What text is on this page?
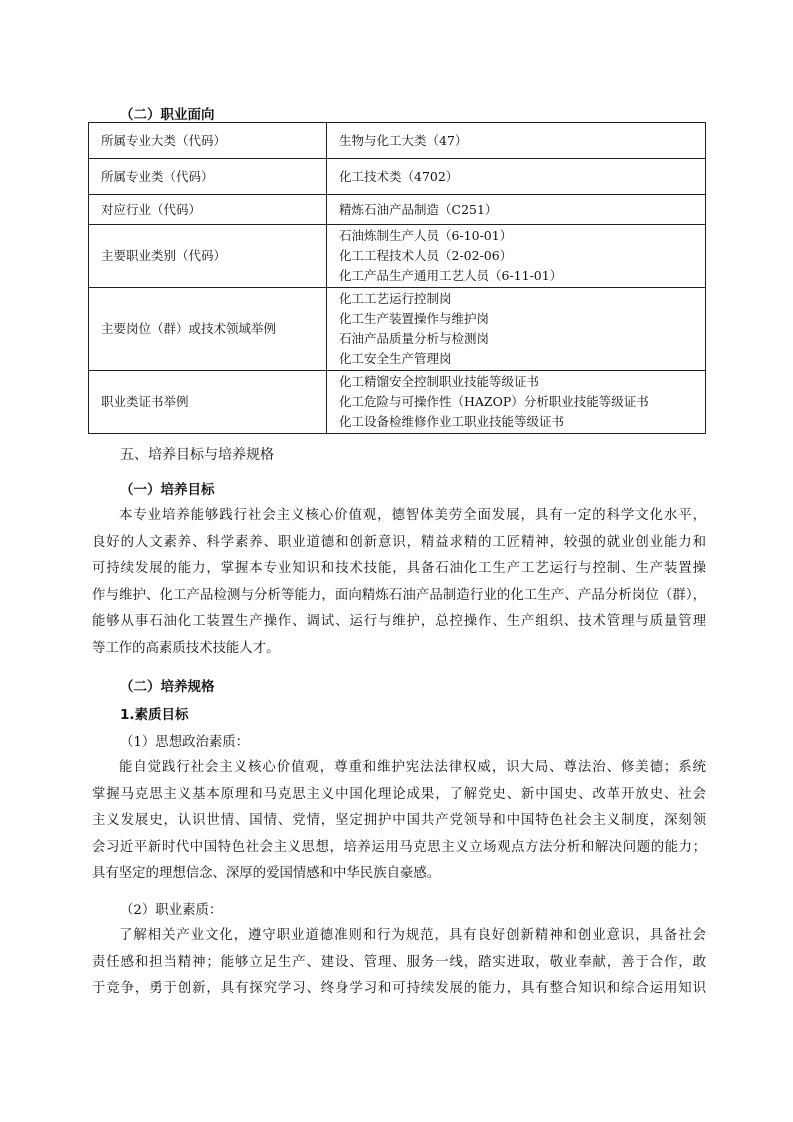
（二）职业面向
所属专业大类（代码）	生物与化工大类（47）
所属专业类（代码）	化工技术类（4702）
对应行业（代码）	精炼石油产品制造（C251）
主要职业类别（代码）	石油炼制生产人员（6-10-01）
化工工程技术人员（2-02-06）
化工产品生产通用工艺人员（6-11-01）

主要岗位（群）或技术领域举例	化工工艺运行控制岗
化工生产装置操作与维护岗
石油产品质量分析与检测岗
化工安全生产管理岗

职业类证书举例	化工精馏安全控制职业技能等级证书
化工危险与可操作性（HAZOP）分析职业技能等级证书
化工设备检维修作业工职业技能等级证书
五、培养目标与培养规格
（一）培养目标
本专业培养能够践行社会主义核心价值观，德智体美劳全面发展，具有一定的科学文化水平，
良好的人文素养、科学素养、职业道德和创新意识，精益求精的工匠精神，较强的就业创业能力和
可持续发展的能力，掌握本专业知识和技术技能，具备石油化工生产工艺运行与控制、生产装置操
作与维护、化工产品检测与分析等能力，面向精炼石油产品制造行业的化工生产、产品分析岗位（群），
能够从事石油化工装置生产操作、调试、运行与维护，总控操作、生产组织、技术管理与质量管理
等工作的高素质技术技能人才。
（二）培养规格
1.素质目标
（1）思想政治素质：
能自觉践行社会主义核心价值观，尊重和维护宪法法律权威，识大局、尊法治、修美德；系统
掌握马克思主义基本原理和马克思主义中国化理论成果，了解党史、新中国史、改革开放史、社会
主义发展史，认识世情、国情、党情，坚定拥护中国共产党领导和中国特色社会主义制度，深刻领
会习近平新时代中国特色社会主义思想，培养运用马克思主义立场观点方法分析和解决问题的能力；
具有坚定的理想信念、深厚的爱国情感和中华民族自豪感。
（2）职业素质：
了解相关产业文化，遵守职业道德准则和行为规范，具有良好创新精神和创业意识，具备社会
责任感和担当精神；能够立足生产、建设、管理、服务一线，踏实进取，敬业奉献，善于合作，敢
于竞争，勇于创新，具有探究学习、终身学习和可持续发展的能力，具有整合知识和综合运用知识
